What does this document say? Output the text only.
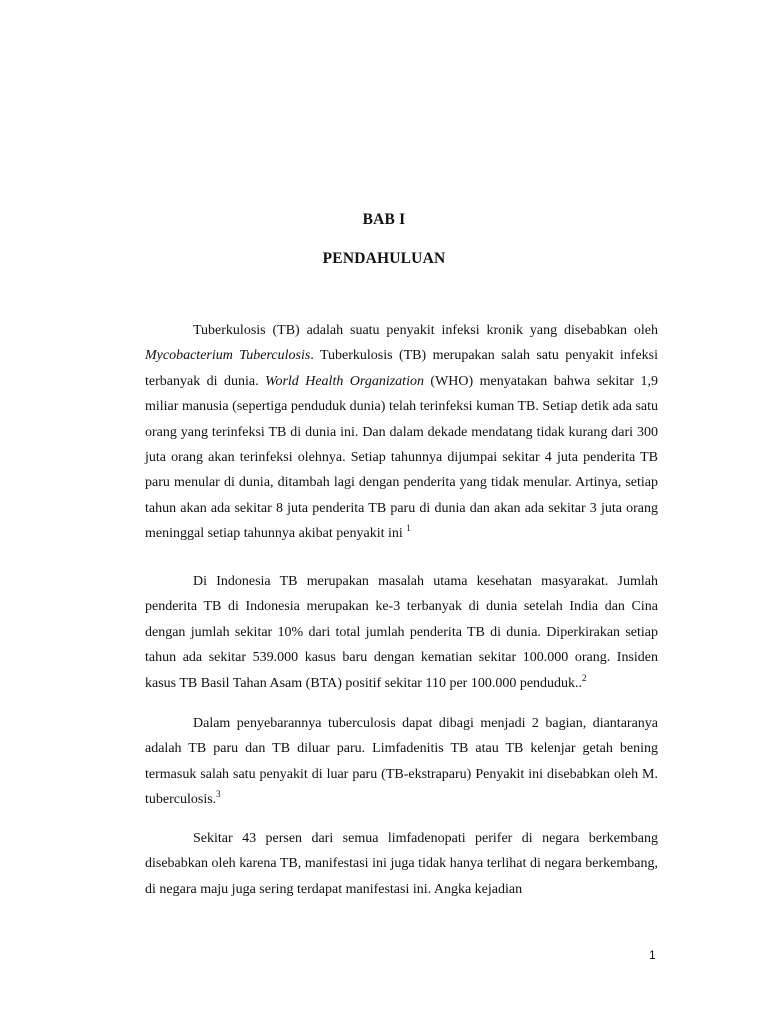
BAB I
PENDAHULUAN

Tuberkulosis (TB) adalah suatu penyakit infeksi kronik yang disebabkan oleh Mycobacterium Tuberculosis. Tuberkulosis (TB) merupakan salah satu penyakit infeksi terbanyak di dunia. World Health Organization (WHO) menyatakan bahwa sekitar 1,9 miliar manusia (sepertiga penduduk dunia) telah terinfeksi kuman TB. Setiap detik ada satu orang yang terinfeksi TB di dunia ini. Dan dalam dekade mendatang tidak kurang dari 300 juta orang akan terinfeksi olehnya. Setiap tahunnya dijumpai sekitar 4 juta penderita TB paru menular di dunia, ditambah lagi dengan penderita yang tidak menular. Artinya, setiap tahun akan ada sekitar 8 juta penderita TB paru di dunia dan akan ada sekitar 3 juta orang meninggal setiap tahunnya akibat penyakit ini $^1$

Di Indonesia TB merupakan masalah utama kesehatan masyarakat. Jumlah penderita TB di Indonesia merupakan ke-3 terbanyak di dunia setelah India dan Cina dengan jumlah sekitar 10% dari total jumlah penderita TB di dunia. Diperkirakan setiap tahun ada sekitar 539.000 kasus baru dengan kematian sekitar 100.000 orang. Insiden kasus TB Basil Tahan Asam (BTA) positif sekitar 110 per 100.000 penduduk..$^2$

Dalam penyebarannya tuberculosis dapat dibagi menjadi 2 bagian, diantaranya adalah TB paru dan TB diluar paru. Limfadenitis TB atau TB kelenjar getah bening termasuk salah satu penyakit di luar paru (TB-ekstraparu) Penyakit ini disebabkan oleh M. tuberculosis.$^3$

Sekitar 43 persen dari semua limfadenopati perifer di negara berkembang disebabkan oleh karena TB, manifestasi ini juga tidak hanya terlihat di negara berkembang, di negara maju juga sering terdapat manifestasi ini. Angka kejadian

1
